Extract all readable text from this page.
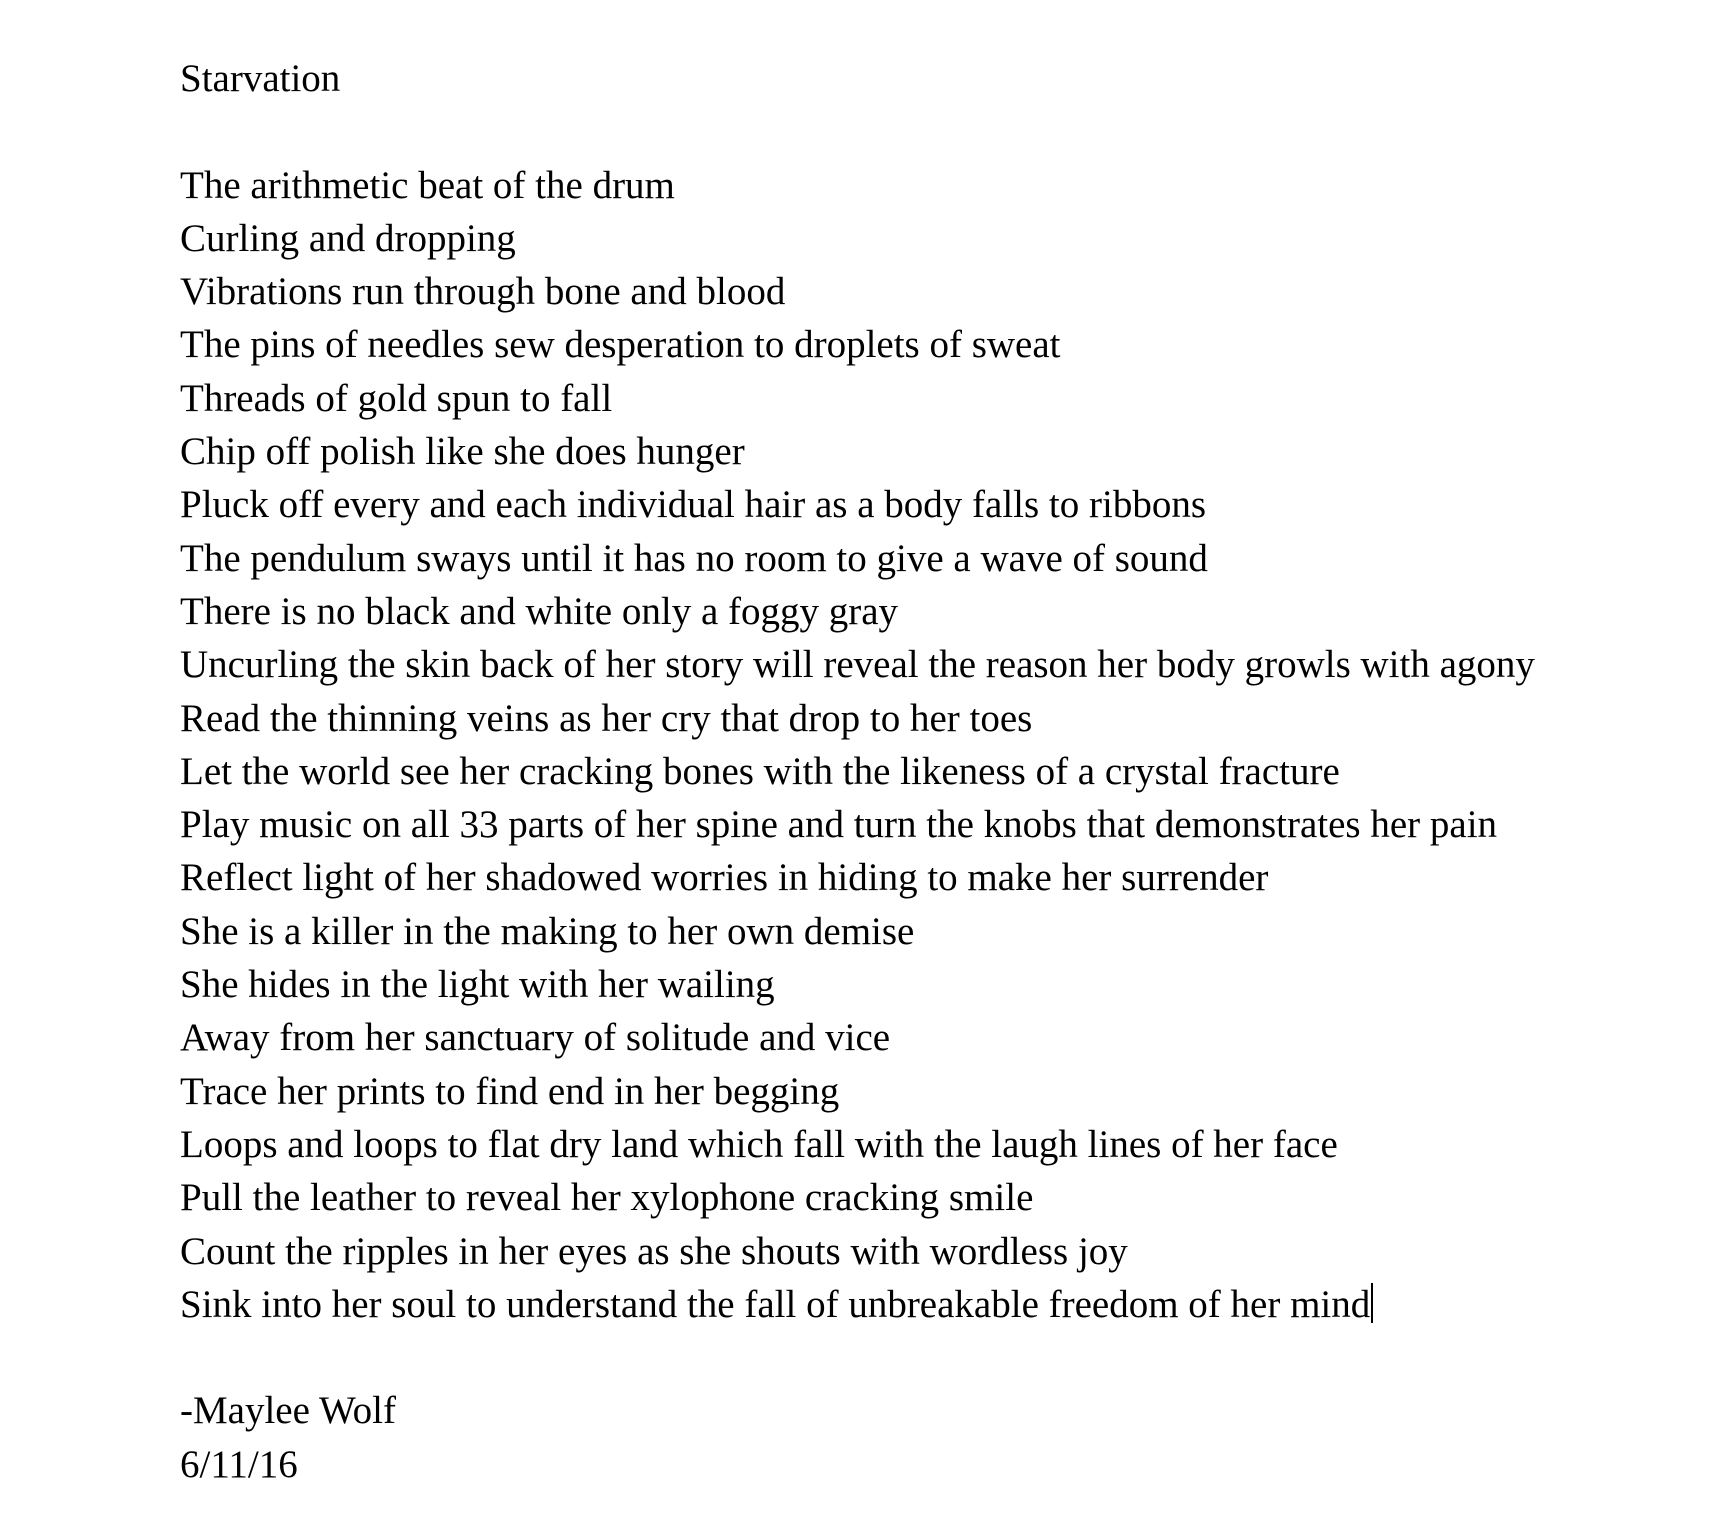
Starvation
The arithmetic beat of the drum
Curling and dropping
Vibrations run through bone and blood
The pins of needles sew desperation to droplets of sweat
Threads of gold spun to fall
Chip off polish like she does hunger
Pluck off every and each individual hair as a body falls to ribbons
The pendulum sways until it has no room to give a wave of sound
There is no black and white only a foggy gray
Uncurling the skin back of her story will reveal the reason her body growls with agony
Read the thinning veins as her cry that drop to her toes
Let the world see her cracking bones with the likeness of a crystal fracture
Play music on all 33 parts of her spine and turn the knobs that demonstrates her pain
Reflect light of her shadowed worries in hiding to make her surrender
She is a killer in the making to her own demise
She hides in the light with her wailing
Away from her sanctuary of solitude and vice
Trace her prints to find end in her begging
Loops and loops to flat dry land which fall with the laugh lines of her face
Pull the leather to reveal her xylophone cracking smile
Count the ripples in her eyes as she shouts with wordless joy
Sink into her soul to understand the fall of unbreakable freedom of her mind
-Maylee Wolf
6/11/16
